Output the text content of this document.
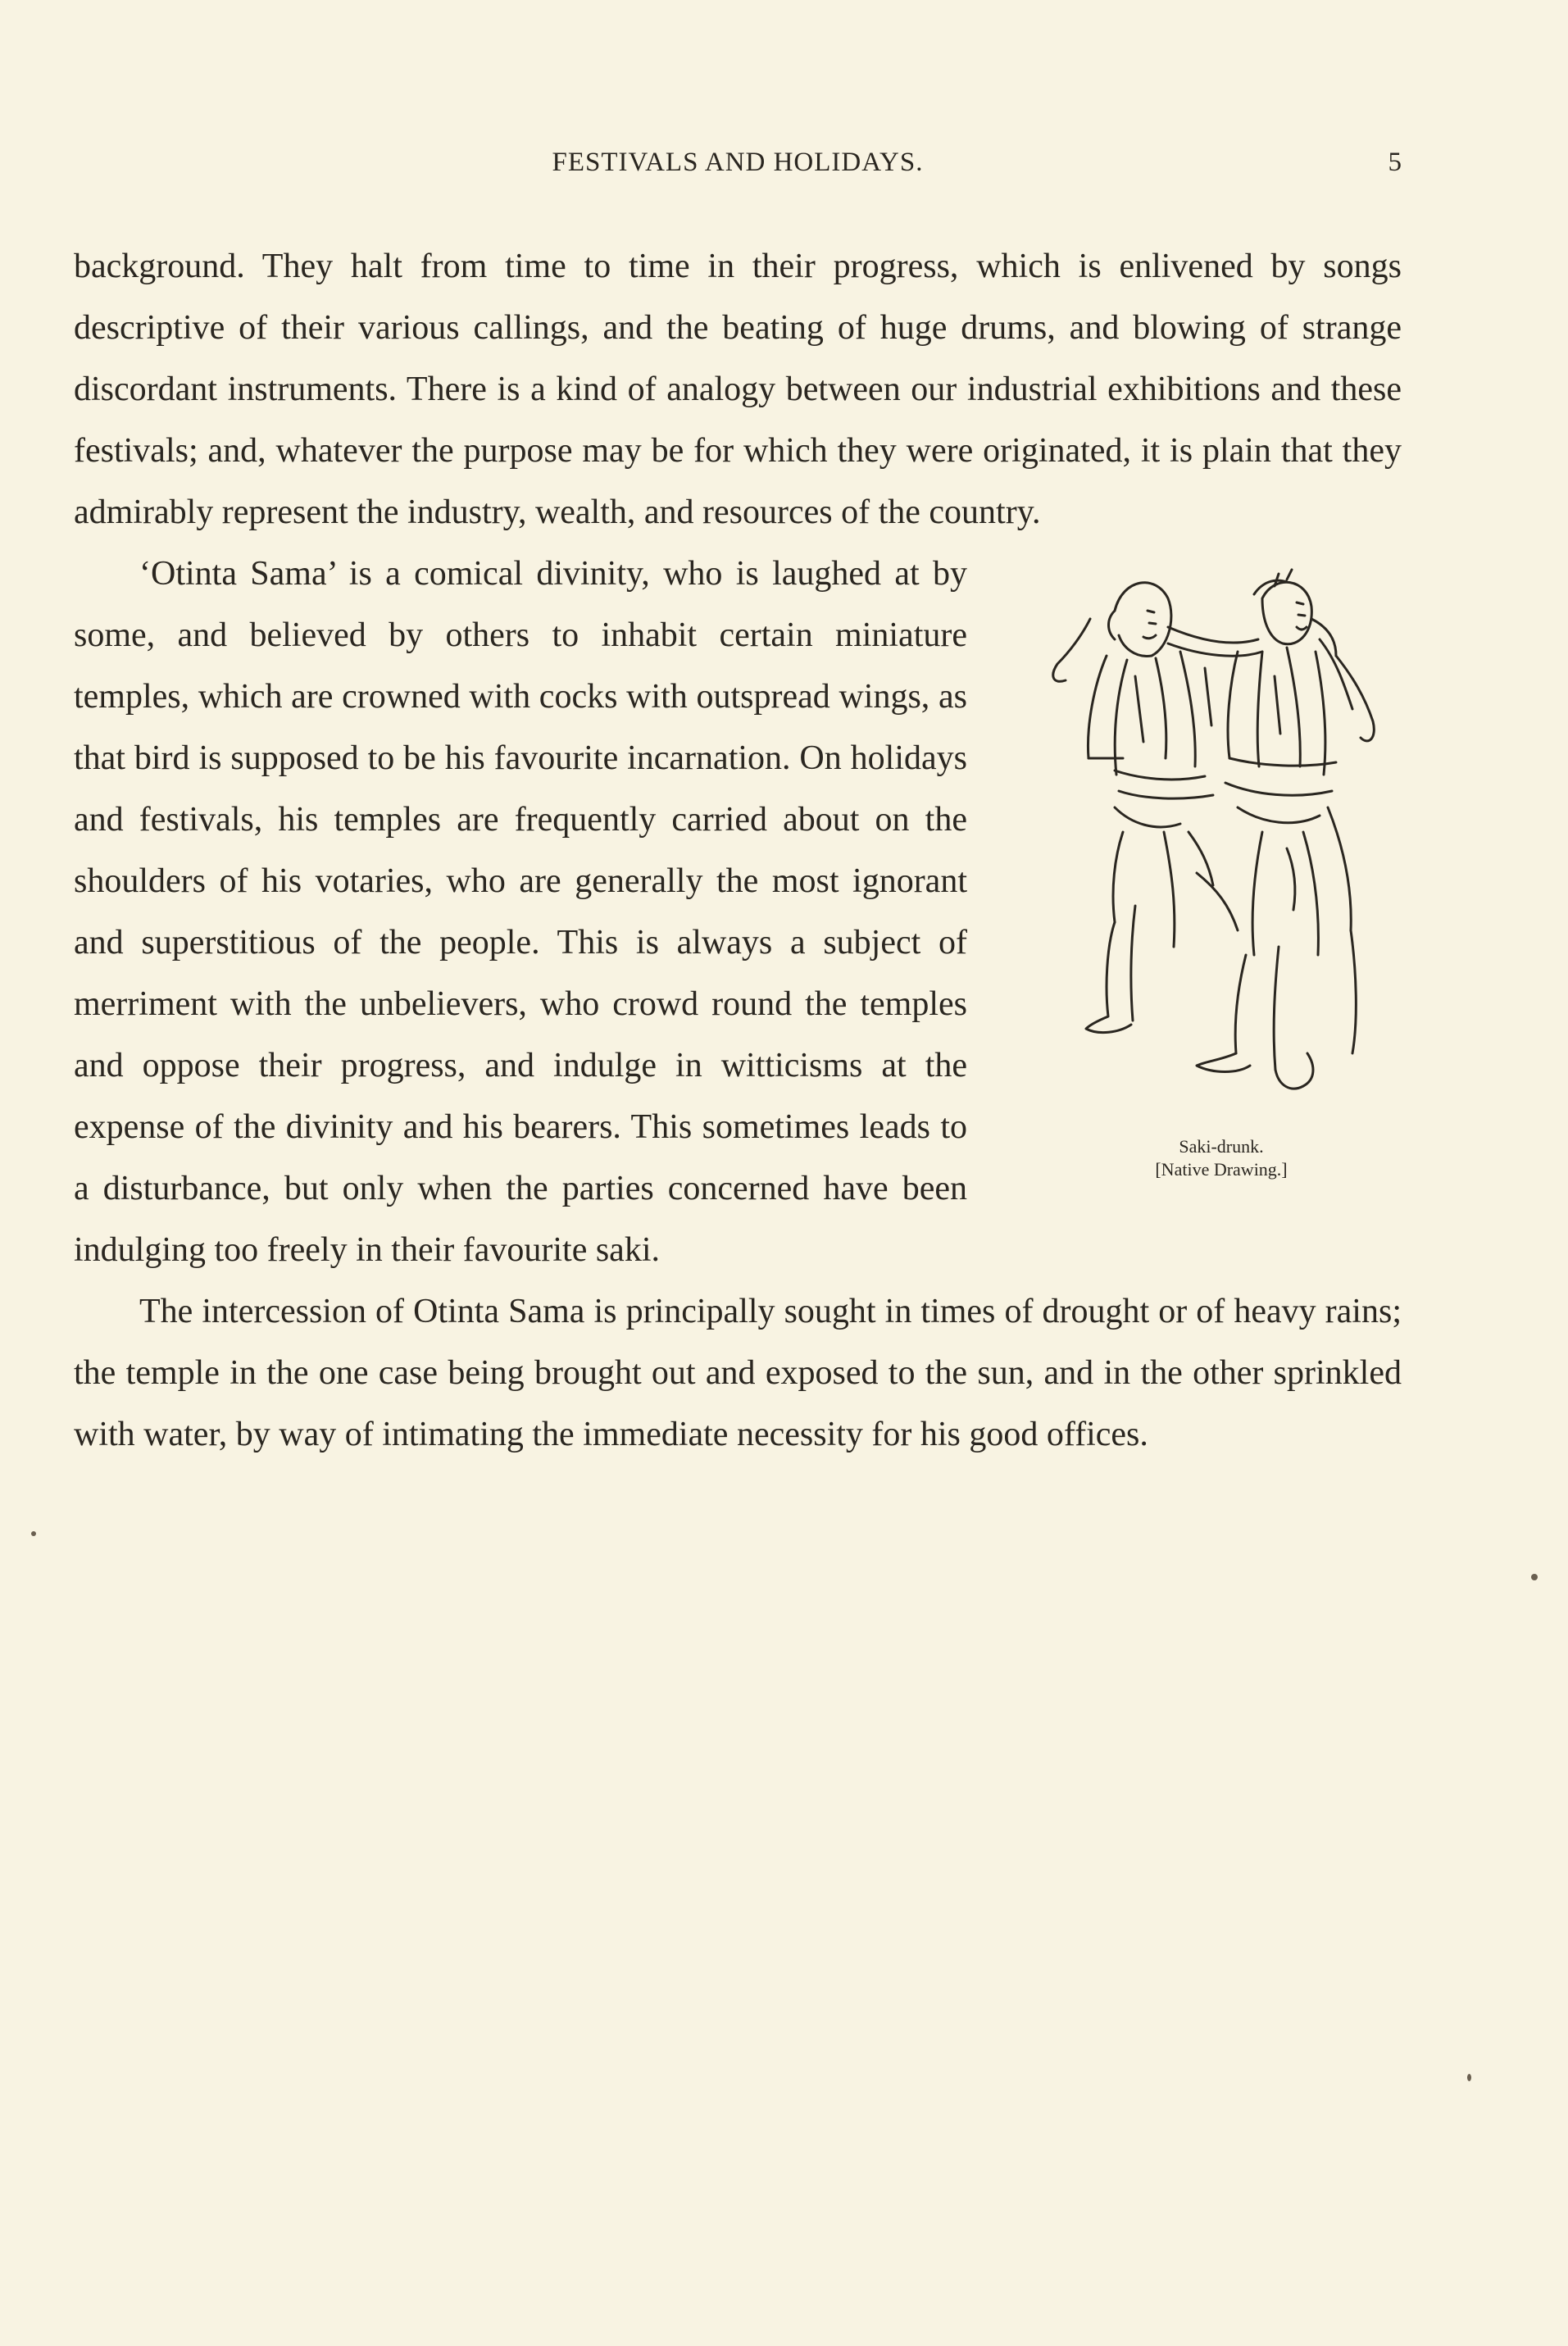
FESTIVALS AND HOLIDAYS.	5

background. They halt from time to time in their progress, which is enlivened by songs descriptive of their various callings, and the beating of huge drums, and blowing of strange discordant instruments. There is a kind of analogy between our industrial exhibitions and these festivals; and, whatever the purpose may be for which they were originated, it is plain that they admirably represent the industry, wealth, and resources of the country.

Saki-drunk.
[Native Drawing.]

‘Otinta Sama’ is a comical divinity, who is laughed at by some, and believed by others to inhabit certain miniature temples, which are crowned with cocks with outspread wings, as that bird is supposed to be his favourite incarnation. On holidays and festivals, his temples are frequently carried about on the shoulders of his votaries, who are generally the most ignorant and superstitious of the people. This is always a subject of merriment with the unbelievers, who crowd round the temples and oppose their progress, and indulge in witticisms at the expense of the divinity and his bearers. This sometimes leads to a disturbance, but only when the parties concerned have been indulging too freely in their favourite saki.

The intercession of Otinta Sama is principally sought in times of drought or of heavy rains; the temple in the one case being brought out and exposed to the sun, and in the other sprinkled with water, by way of intimating the immediate necessity for his good offices.
